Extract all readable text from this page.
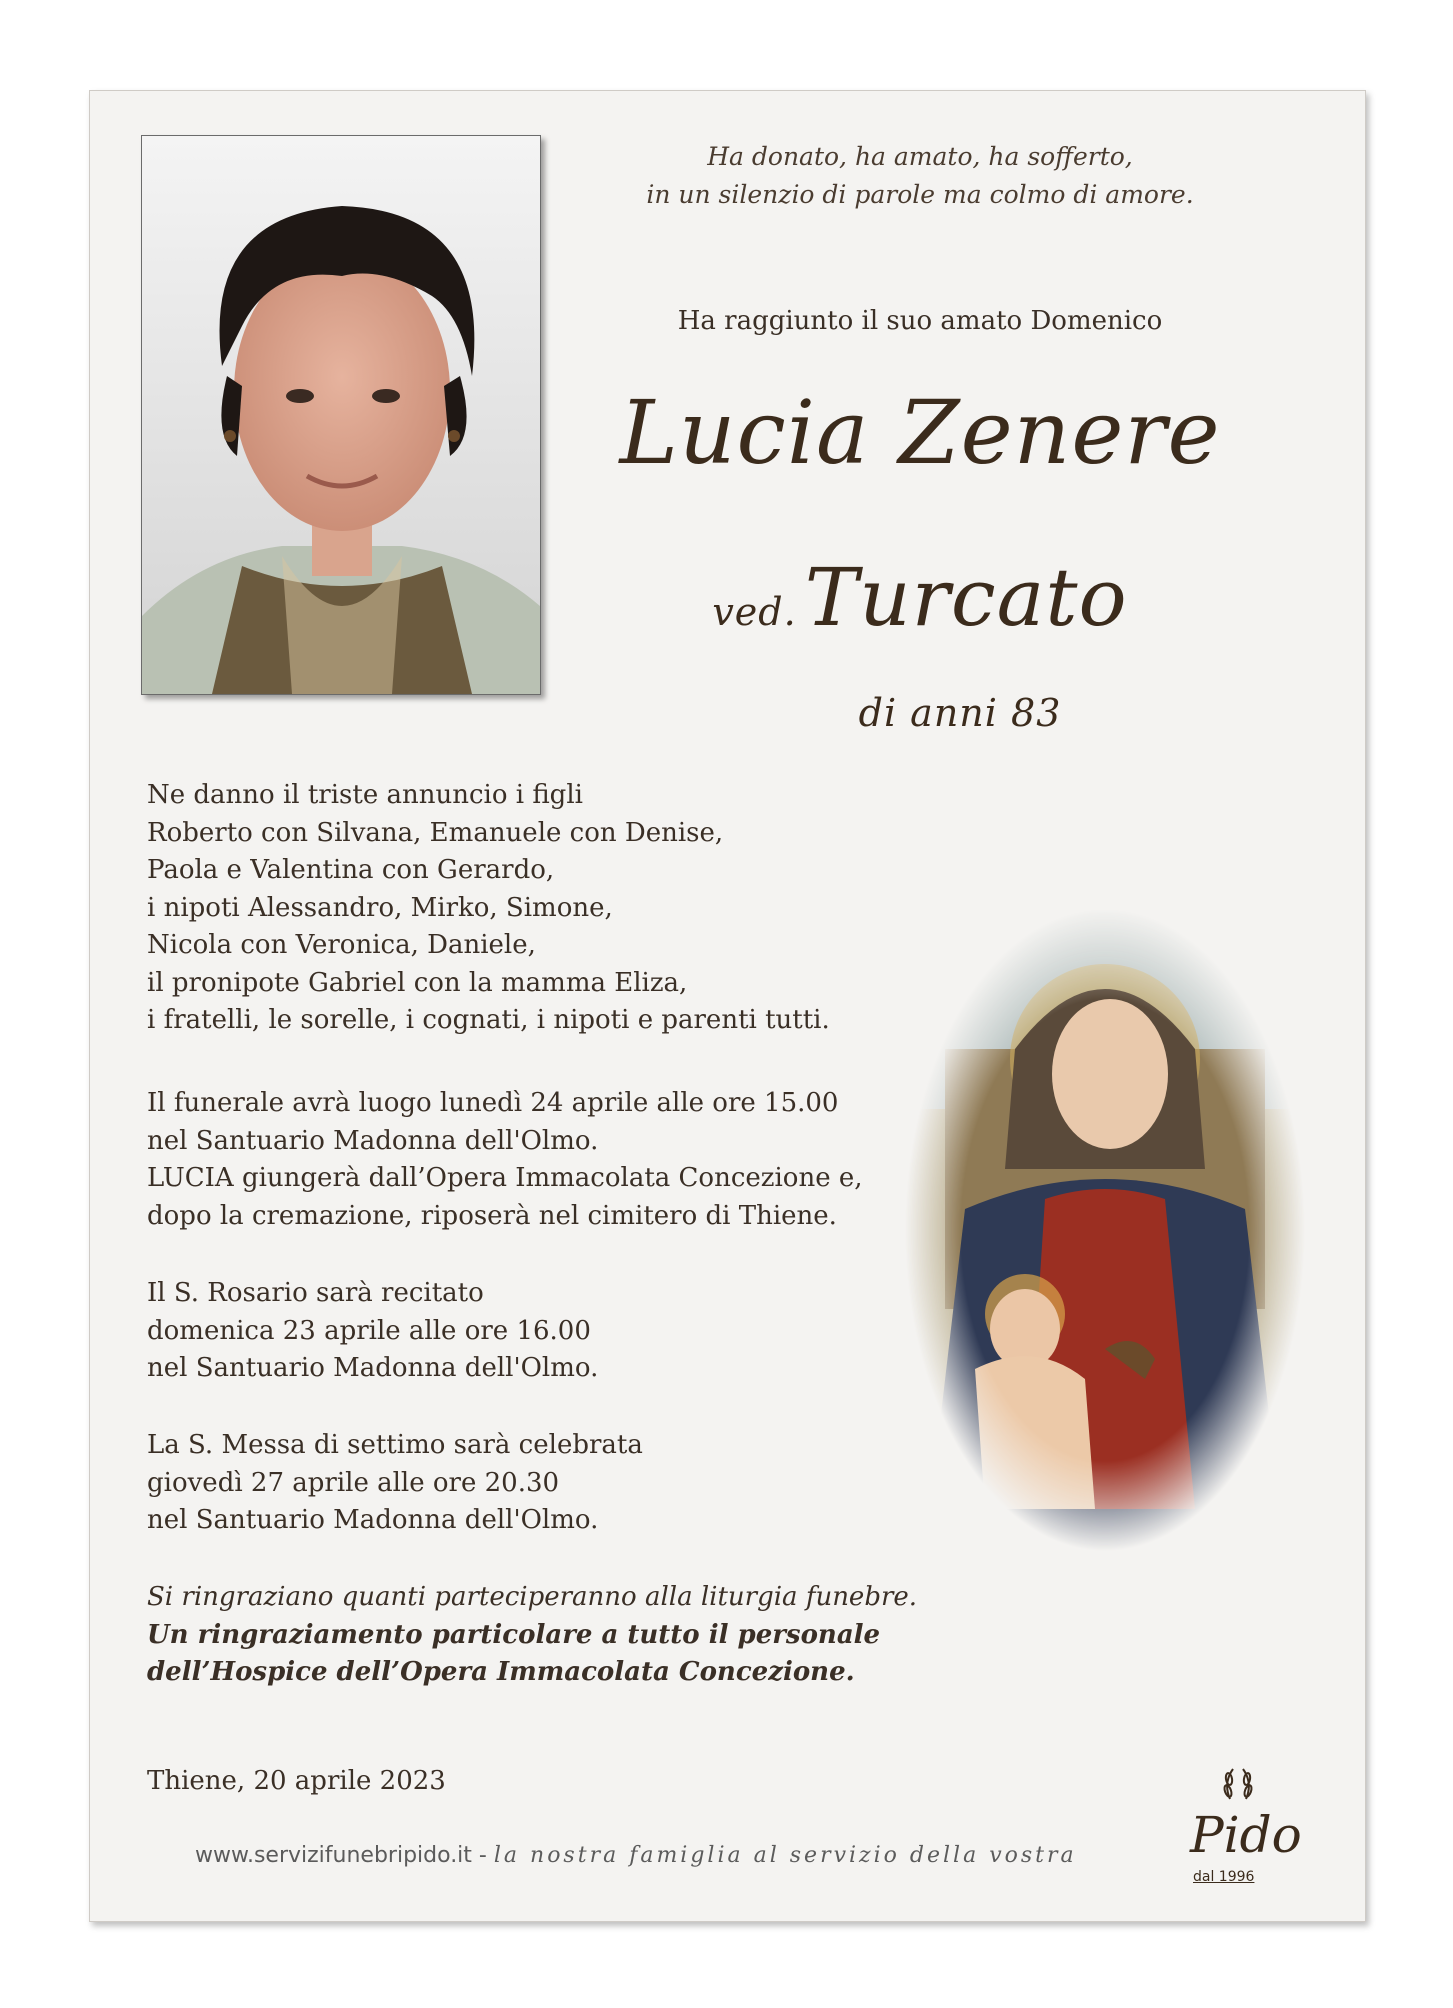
Ha donato, ha amato, ha sofferto,
in un silenzio di parole ma colmo di amore.
Ha raggiunto il suo amato Domenico
Lucia Zenere
ved. Turcato
di anni 83

Ne danno il triste annuncio i figli
Roberto con Silvana, Emanuele con Denise,
Paola e Valentina con Gerardo,
i nipoti Alessandro, Mirko, Simone,
Nicola con Veronica, Daniele,
il pronipote Gabriel con la mamma Eliza,
i fratelli, le sorelle, i cognati, i nipoti e parenti tutti.

Il funerale avrà luogo lunedì 24 aprile alle ore 15.00
nel Santuario Madonna dell'Olmo.
LUCIA giungerà dall’Opera Immacolata Concezione e,
dopo la cremazione, riposerà nel cimitero di Thiene.

Il S. Rosario sarà recitato
domenica 23 aprile alle ore 16.00
nel Santuario Madonna dell'Olmo.

La S. Messa di settimo sarà celebrata
giovedì 27 aprile alle ore 20.30
nel Santuario Madonna dell'Olmo.

Si ringraziano quanti parteciperanno alla liturgia funebre.
Un ringraziamento particolare a tutto il personale
dell’Hospice dell’Opera Immacolata Concezione.

Thiene, 20 aprile 2023

www.servizifunebripido.it - la nostra famiglia al servizio della vostra Pido
dal 1996
